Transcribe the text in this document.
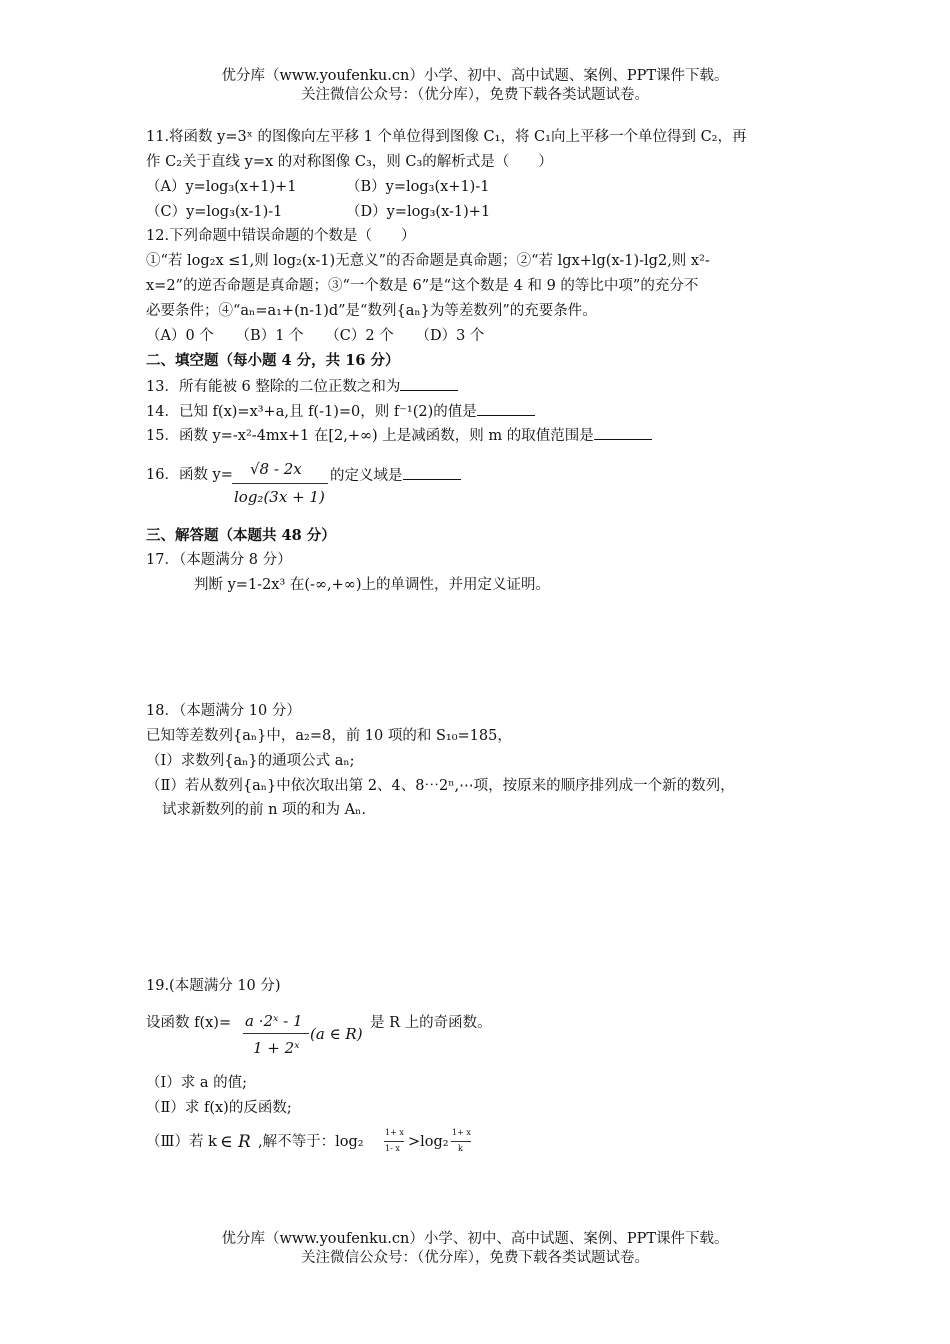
优分库（www.youfenku.cn）小学、初中、高中试题、案例、PPT课件下载。
关注微信公众号：（优分库），免费下载各类试题试卷。
11.将函数 y=3ˣ 的图像向左平移 1 个单位得到图像 C₁，将 C₁向上平移一个单位得到 C₂，再
作 C₂关于直线 y=x 的对称图像 C₃，则 C₃的解析式是（　　）
（A）y=log₃(x+1)+1	（B）y=log₃(x+1)-1
（C）y=log₃(x-1)-1	（D）y=log₃(x-1)+1
12.下列命题中错误命题的个数是（　　）
①“若 log₂x ≤1,则 log₂(x-1)无意义”的否命题是真命题；②“若 lgx+lg(x-1)-lg2,则 x²-
x=2”的逆否命题是真命题；③“一个数是 6”是“这个数是 4 和 9 的等比中项”的充分不
必要条件；④“aₙ=a₁+(n-1)d”是“数列{aₙ}为等差数列”的充要条件。
（A）0 个　　（B）1 个　　（C）2 个　　（D）3 个
二、填空题（每小题 4 分，共 16 分）
13．所有能被 6 整除的二位正数之和为
14．已知 f(x)=x³+a,且 f(-1)=0，则 f⁻¹(2)的值是
15．函数 y=-x²-4mx+1 在[2,+∞) 上是减函数，则 m 的取值范围是
16．函数 y= √8 - 2x
log₂(3x + 1)
的定义域是
三、解答题（本题共 48 分）
17．（本题满分 8 分）
判断 y=1-2x³ 在(-∞,+∞)上的单调性，并用定义证明。
18．（本题满分 10 分）
已知等差数列{aₙ}中，a₂=8，前 10 项的和 S₁₀=185，
（Ⅰ）求数列{aₙ}的通项公式 aₙ;
（Ⅱ）若从数列{aₙ}中依次取出第 2、4、8⋯2ⁿ,⋯项，按原来的顺序排列成一个新的数列，
试求新数列的前 n 项的和为 Aₙ.
19.(本题满分 10 分)
设函数 f(x)= a ·2ˣ - 1
1 + 2ˣ
(a ∈ R)
是 R 上的奇函数。
（Ⅰ）求 a 的值;
（Ⅱ）求 f(x)的反函数;
（Ⅲ）若 k ∈ R ,解不等于：log₂
1+ x
1- x >log₂
1+ x
k
优分库（www.youfenku.cn）小学、初中、高中试题、案例、PPT课件下载。
关注微信公众号：（优分库），免费下载各类试题试卷。
